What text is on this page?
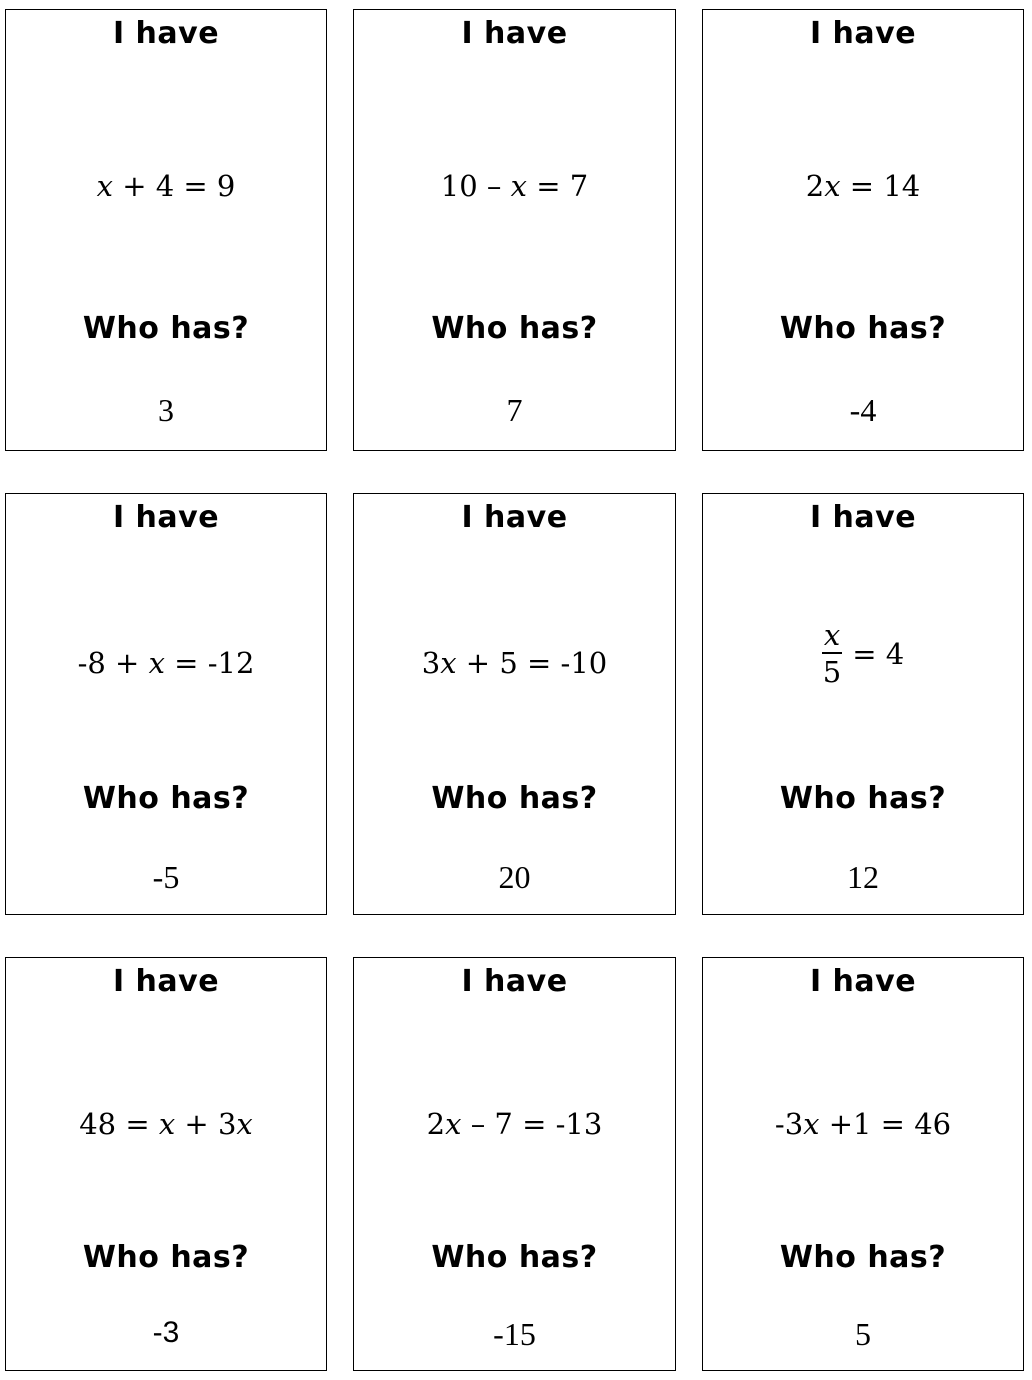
I have
x + 4 = 9
Who has?
3
I have
10 – x = 7
Who has?
7
I have
2x = 14
Who has?
-4
I have
-8 + x = -12
Who has?
-5
I have
3x + 5 = -10
Who has?
20
I have
$\frac{x}{5} = 4$
Who has?
12
I have
48 = x + 3x
Who has?
-3
I have
2x – 7 = -13
Who has?
-15
I have
-3x +1 = 46
Who has?
5
